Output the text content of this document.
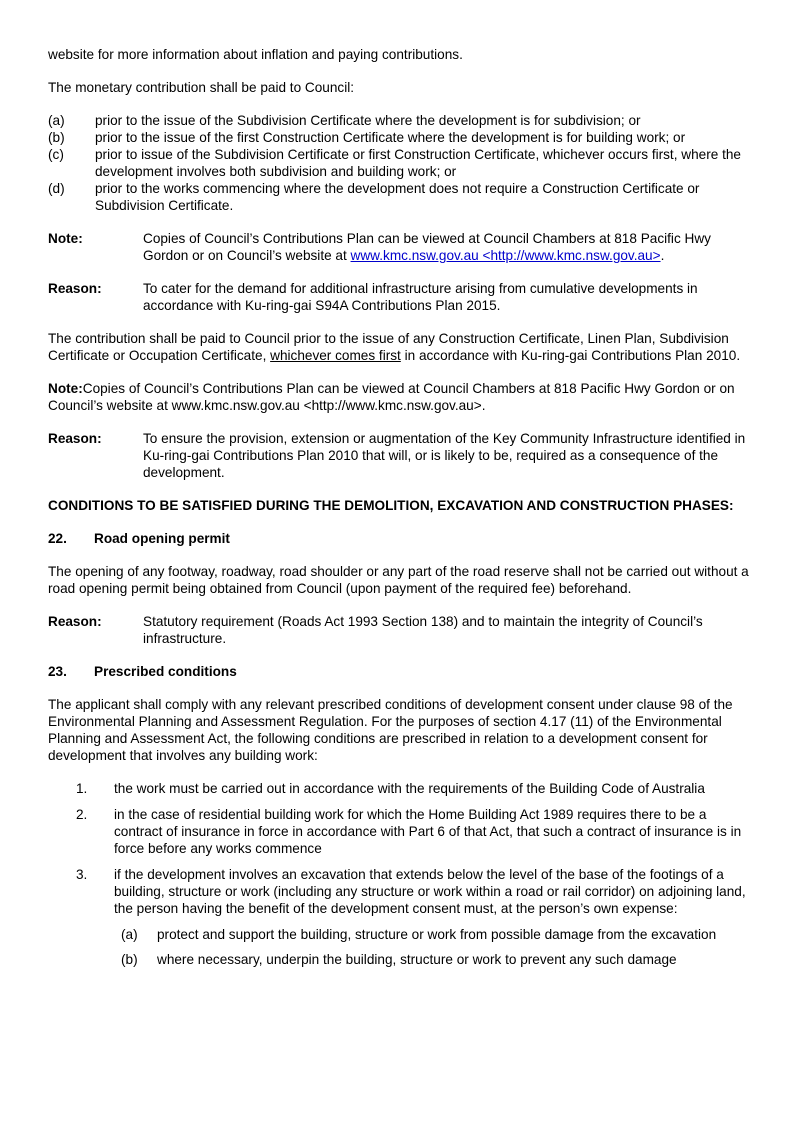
website for more information about inflation and paying contributions.

The monetary contribution shall be paid to Council:

(a)	prior to the issue of the Subdivision Certificate where the development is for subdivision; or
(b)	prior to the issue of the first Construction Certificate where the development is for building work; or
(c)	prior to issue of the Subdivision Certificate or first Construction Certificate, whichever occurs first, where the development involves both subdivision and building work; or
(d)	prior to the works commencing where the development does not require a Construction Certificate or Subdivision Certificate.
Note:	Copies of Council’s Contributions Plan can be viewed at Council Chambers at 818 Pacific Hwy Gordon or on Council’s website at www.kmc.nsw.gov.au <http://www.kmc.nsw.gov.au>.
Reason:	To cater for the demand for additional infrastructure arising from cumulative developments in accordance with Ku-ring-gai S94A Contributions Plan 2015.

The contribution shall be paid to Council prior to the issue of any Construction Certificate, Linen Plan, Subdivision Certificate or Occupation Certificate, whichever comes first in accordance with Ku-ring-gai Contributions Plan 2010.

Note:Copies of Council’s Contributions Plan can be viewed at Council Chambers at 818 Pacific Hwy Gordon or on Council’s website at www.kmc.nsw.gov.au <http://www.kmc.nsw.gov.au>.

Reason:	To ensure the provision, extension or augmentation of the Key Community Infrastructure identified in Ku-ring-gai Contributions Plan 2010 that will, or is likely to be, required as a consequence of the development.

CONDITIONS TO BE SATISFIED DURING THE DEMOLITION, EXCAVATION AND CONSTRUCTION PHASES:

22.	Road opening permit

The opening of any footway, roadway, road shoulder or any part of the road reserve shall not be carried out without a road opening permit being obtained from Council (upon payment of the required fee) beforehand.

Reason:	Statutory requirement (Roads Act 1993 Section 138) and to maintain the integrity of Council’s infrastructure.
23.	Prescribed conditions

The applicant shall comply with any relevant prescribed conditions of development consent under clause 98 of the Environmental Planning and Assessment Regulation. For the purposes of section 4.17 (11) of the Environmental Planning and Assessment Act, the following conditions are prescribed in relation to a development consent for development that involves any building work:

1.	the work must be carried out in accordance with the requirements of the Building Code of Australia
2.	in the case of residential building work for which the Home Building Act 1989 requires there to be a contract of insurance in force in accordance with Part 6 of that Act, that such a contract of insurance is in force before any works commence
3.	if the development involves an excavation that extends below the level of the base of the footings of a building, structure or work (including any structure or work within a road or rail corridor) on adjoining land, the person having the benefit of the development consent must, at the person’s own expense:
(a)	protect and support the building, structure or work from possible damage from the excavation
(b)	where necessary, underpin the building, structure or work to prevent any such damage
